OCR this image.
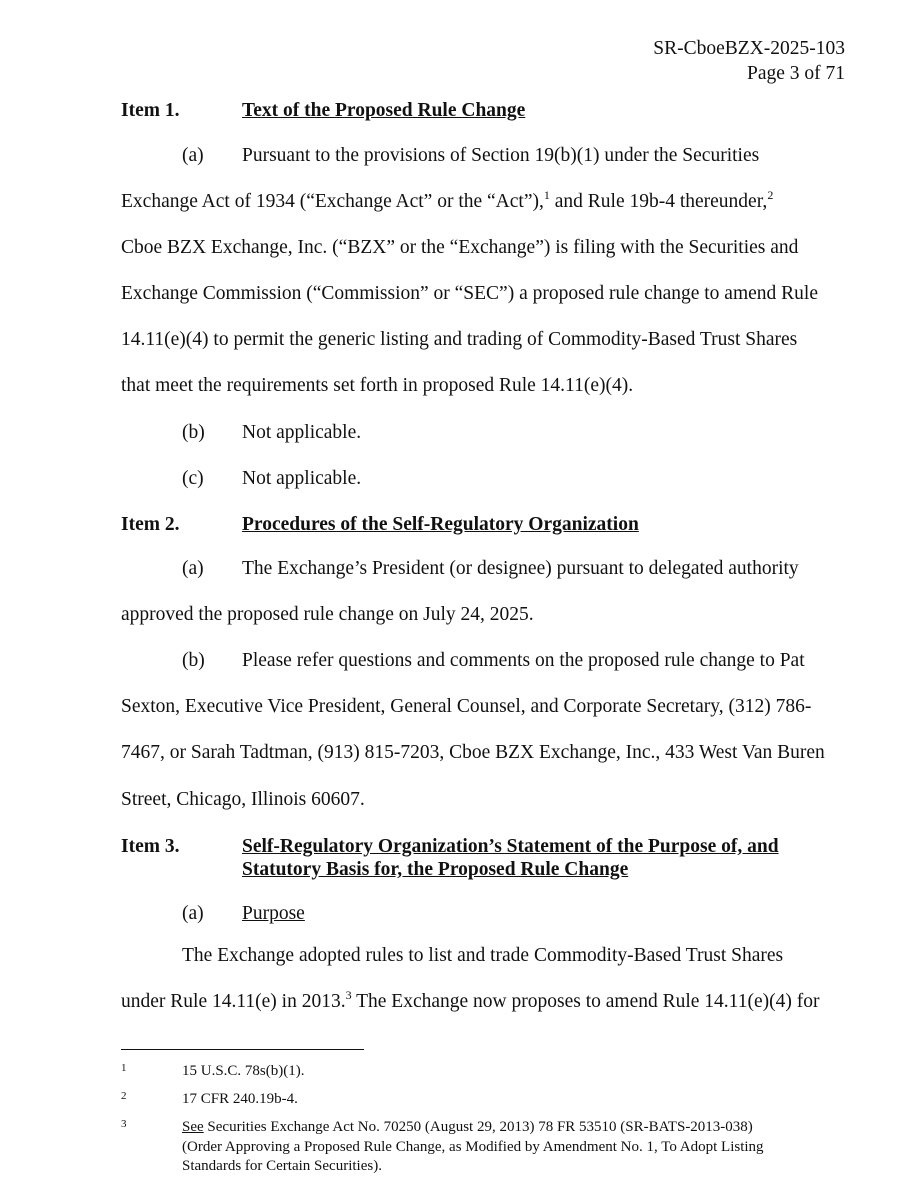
SR-CboeBZX-2025-103
Page 3 of 71
Item 1.	Text of the Proposed Rule Change
(a) Pursuant to the provisions of Section 19(b)(1) under the Securities
Exchange Act of 1934 (“Exchange Act” or the “Act”),$^1$ and Rule 19b-4 thereunder,$^2$
Cboe BZX Exchange, Inc. (“BZX” or the “Exchange”) is filing with the Securities and
Exchange Commission (“Commission” or “SEC”) a proposed rule change to amend Rule
14.11(e)(4) to permit the generic listing and trading of Commodity-Based Trust Shares
that meet the requirements set forth in proposed Rule 14.11(e)(4).
(b) Not applicable.
(c) Not applicable.
Item 2.	Procedures of the Self-Regulatory Organization
(a) The Exchange’s President (or designee) pursuant to delegated authority
approved the proposed rule change on July 24, 2025.
(b) Please refer questions and comments on the proposed rule change to Pat
Sexton, Executive Vice President, General Counsel, and Corporate Secretary, (312) 786-
7467, or Sarah Tadtman, (913) 815-7203, Cboe BZX Exchange, Inc., 433 West Van Buren
Street, Chicago, Illinois 60607.
Item 3.	Self-Regulatory Organization’s Statement of the Purpose of, and
Statutory Basis for, the Proposed Rule Change
(a) Purpose
The Exchange adopted rules to list and trade Commodity-Based Trust Shares
under Rule 14.11(e) in 2013.$^3$ The Exchange now proposes to amend Rule 14.11(e)(4) for
1	15 U.S.C. 78s(b)(1).
2	17 CFR 240.19b-4.
3	See Securities Exchange Act No. 70250 (August 29, 2013) 78 FR 53510 (SR-BATS-2013-038)
(Order Approving a Proposed Rule Change, as Modified by Amendment No. 1, To Adopt Listing
Standards for Certain Securities).
